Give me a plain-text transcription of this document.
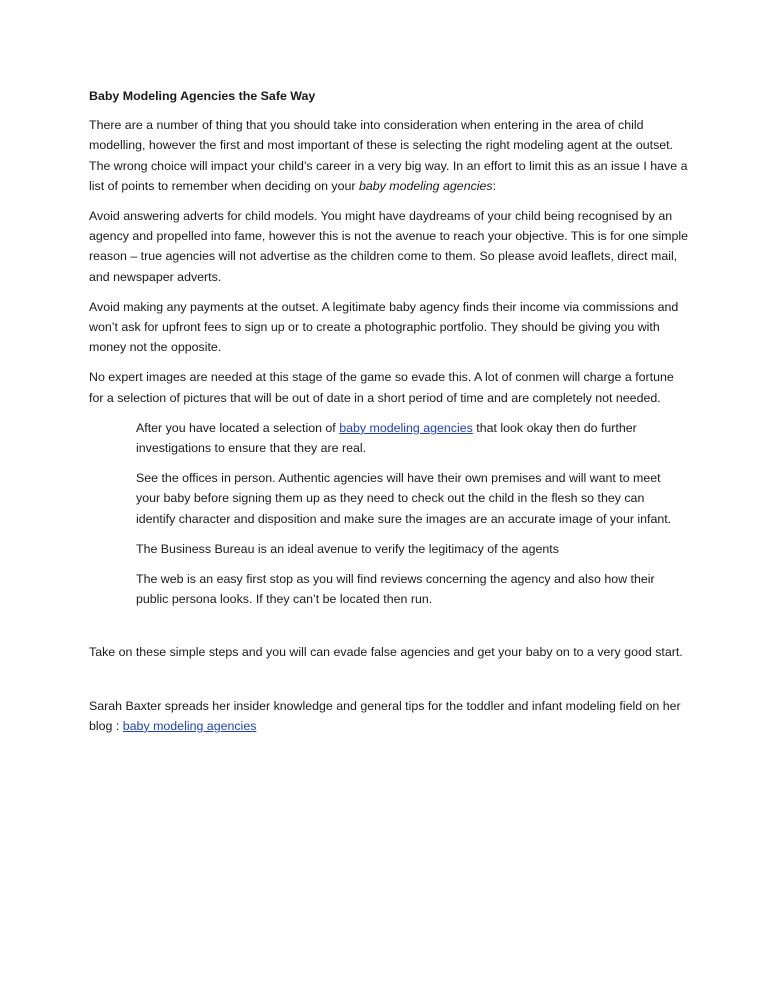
Baby Modeling Agencies the Safe Way

There are a number of thing that you should take into consideration when entering in the area of child modelling, however the first and most important of these is selecting the right modeling agent at the outset. The wrong choice will impact your child’s career in a very big way. In an effort to limit this as an issue I have a list of points to remember when deciding on your baby modeling agencies:

Avoid answering adverts for child models. You might have daydreams of your child being recognised by an agency and propelled into fame, however this is not the avenue to reach your objective. This is for one simple reason – true agencies will not advertise as the children come to them. So please avoid leaflets, direct mail, and newspaper adverts.

Avoid making any payments at the outset. A legitimate baby agency finds their income via commissions and won’t ask for upfront fees to sign up or to create a photographic portfolio. They should be giving you with money not the opposite.

No expert images are needed at this stage of the game so evade this. A lot of conmen will charge a fortune for a selection of pictures that will be out of date in a short period of time and are completely not needed.

After you have located a selection of baby modeling agencies that look okay then do further investigations to ensure that they are real.

See the offices in person. Authentic agencies will have their own premises and will want to meet your baby before signing them up as they need to check out the child in the flesh so they can identify character and disposition and make sure the images are an accurate image of your infant.

The Business Bureau is an ideal avenue to verify the legitimacy of the agents

The web is an easy first stop as you will find reviews concerning the agency and also how their public persona looks. If they can’t be located then run.

Take on these simple steps and you will can evade false agencies and get your baby on to a very good start.

Sarah Baxter spreads her insider knowledge and general tips for the toddler and infant modeling field on her blog : baby modeling agencies
